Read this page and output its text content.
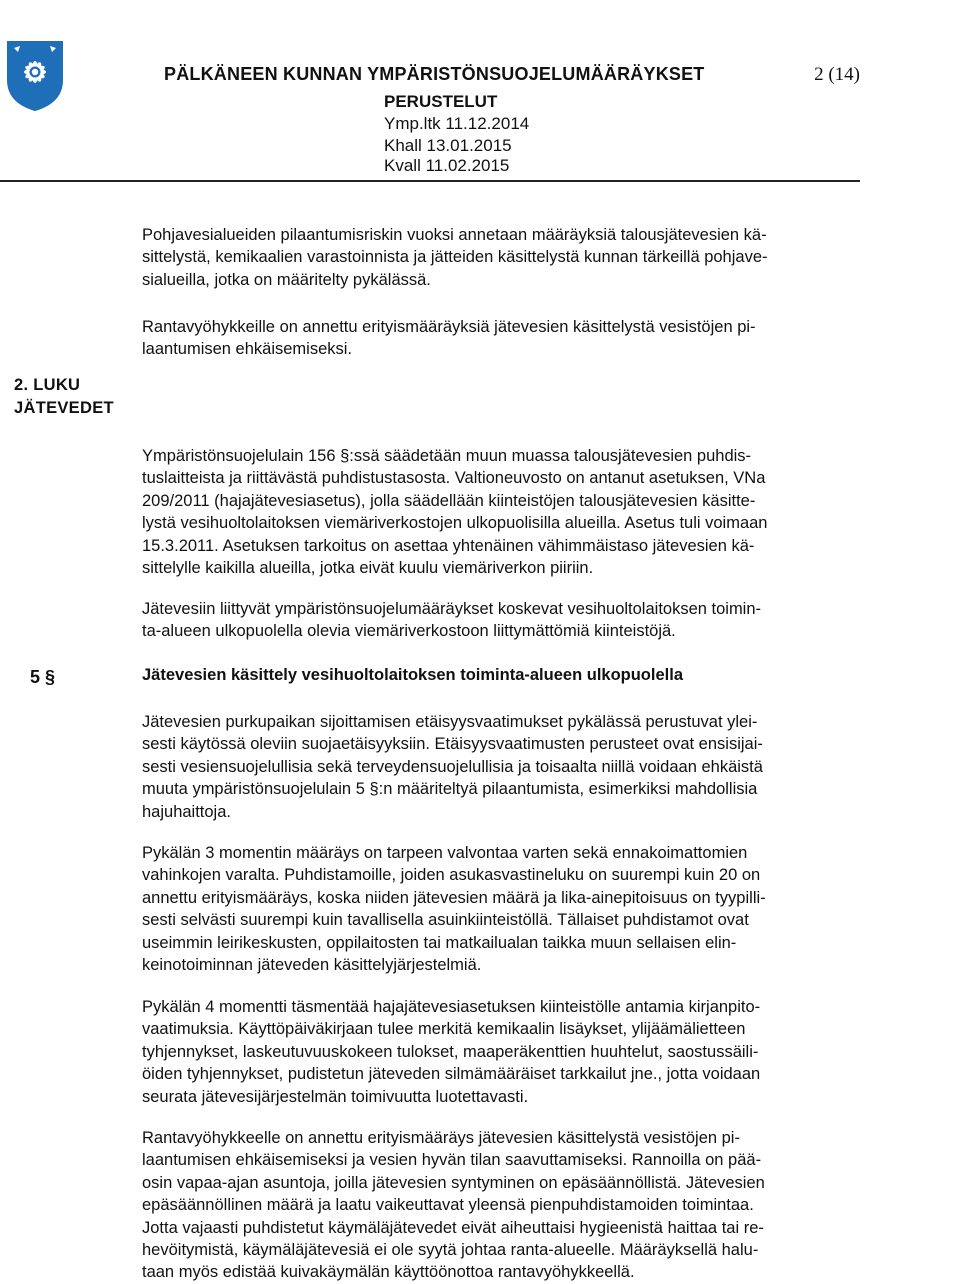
PÄLKÄNEEN KUNNAN YMPÄRISTÖNSUOJELUMÄÄRÄYKSET	2 (14)
PERUSTELUT
Ymp.ltk 11.12.2014
Khall 13.01.2015
Kvall 11.02.2015
Pohjavesialueiden pilaantumisriskin vuoksi annetaan määräyksiä talousjätevesien kä-
sittelystä, kemikaalien varastoinnista ja jätteiden käsittelystä kunnan tärkeillä pohjave-
sialueilla, jotka on määritelty pykälässä.
Rantavyöhykkeille on annettu erityismääräyksiä jätevesien käsittelystä vesistöjen pi-
laantumisen ehkäisemiseksi.
2. LUKU
JÄTEVEDET
Ympäristönsuojelulain 156 §:ssä säädetään muun muassa talousjätevesien puhdis-
tuslaitteista ja riittävästä puhdistustasosta. Valtioneuvosto on antanut asetuksen, VNa
209/2011 (hajajätevesiasetus), jolla säädellään kiinteistöjen talousjätevesien käsitte-
lystä vesihuoltolaitoksen viemäriverkostojen ulkopuolisilla alueilla. Asetus tuli voimaan
15.3.2011. Asetuksen tarkoitus on asettaa yhtenäinen vähimmäistaso jätevesien kä-
sittelylle kaikilla alueilla, jotka eivät kuulu viemäriverkon piiriin.
Jätevesiin liittyvät ympäristönsuojelumääräykset koskevat vesihuoltolaitoksen toimin-
ta-alueen ulkopuolella olevia viemäriverkostoon liittymättömiä kiinteistöjä.
5 §	Jätevesien käsittely vesihuoltolaitoksen toiminta-alueen ulkopuolella
Jätevesien purkupaikan sijoittamisen etäisyysvaatimukset pykälässä perustuvat ylei-
sesti käytössä oleviin suojaetäisyyksiin. Etäisyysvaatimusten perusteet ovat ensisijai-
sesti vesiensuojelullisia sekä terveydensuojelullisia ja toisaalta niillä voidaan ehkäistä
muuta ympäristönsuojelulain 5 §:n määriteltyä pilaantumista, esimerkiksi mahdollisia
hajuhaittoja.
Pykälän 3 momentin määräys on tarpeen valvontaa varten sekä ennakoimattomien
vahinkojen varalta. Puhdistamoille, joiden asukasvastineluku on suurempi kuin 20 on
annettu erityismääräys, koska niiden jätevesien määrä ja lika-ainepitoisuus on tyypilli-
sesti selvästi suurempi kuin tavallisella asuinkiinteistöllä. Tällaiset puhdistamot ovat
useimmin leirikeskusten, oppilaitosten tai matkailualan taikka muun sellaisen elin-
keinotoiminnan jäteveden käsittelyjärjestelmiä.
Pykälän 4 momentti täsmentää hajajätevesiasetuksen kiinteistölle antamia kirjanpito-
vaatimuksia. Käyttöpäiväkirjaan tulee merkitä kemikaalin lisäykset, ylijäämälietteen
tyhjennykset, laskeutuvuuskokeen tulokset, maaperäkenttien huuhtelut, saostussäili-
öiden tyhjennykset, pudistetun jäteveden silmämääräiset tarkkailut jne., jotta voidaan
seurata jätevesijärjestelmän toimivuutta luotettavasti.
Rantavyöhykkeelle on annettu erityismääräys jätevesien käsittelystä vesistöjen pi-
laantumisen ehkäisemiseksi ja vesien hyvän tilan saavuttamiseksi. Rannoilla on pää-
osin vapaa-ajan asuntoja, joilla jätevesien syntyminen on epäsäännöllistä. Jätevesien
epäsäännöllinen määrä ja laatu vaikeuttavat yleensä pienpuhdistamoiden toimintaa.
Jotta vajaasti puhdistetut käymäläjätevedet eivät aiheuttaisi hygieenistä haittaa tai re-
hevöitymistä, käymäläjätevesiä ei ole syytä johtaa ranta-alueelle. Määräyksellä halu-
taan myös edistää kuivakäymälän käyttöönottoa rantavyöhykkeellä.
